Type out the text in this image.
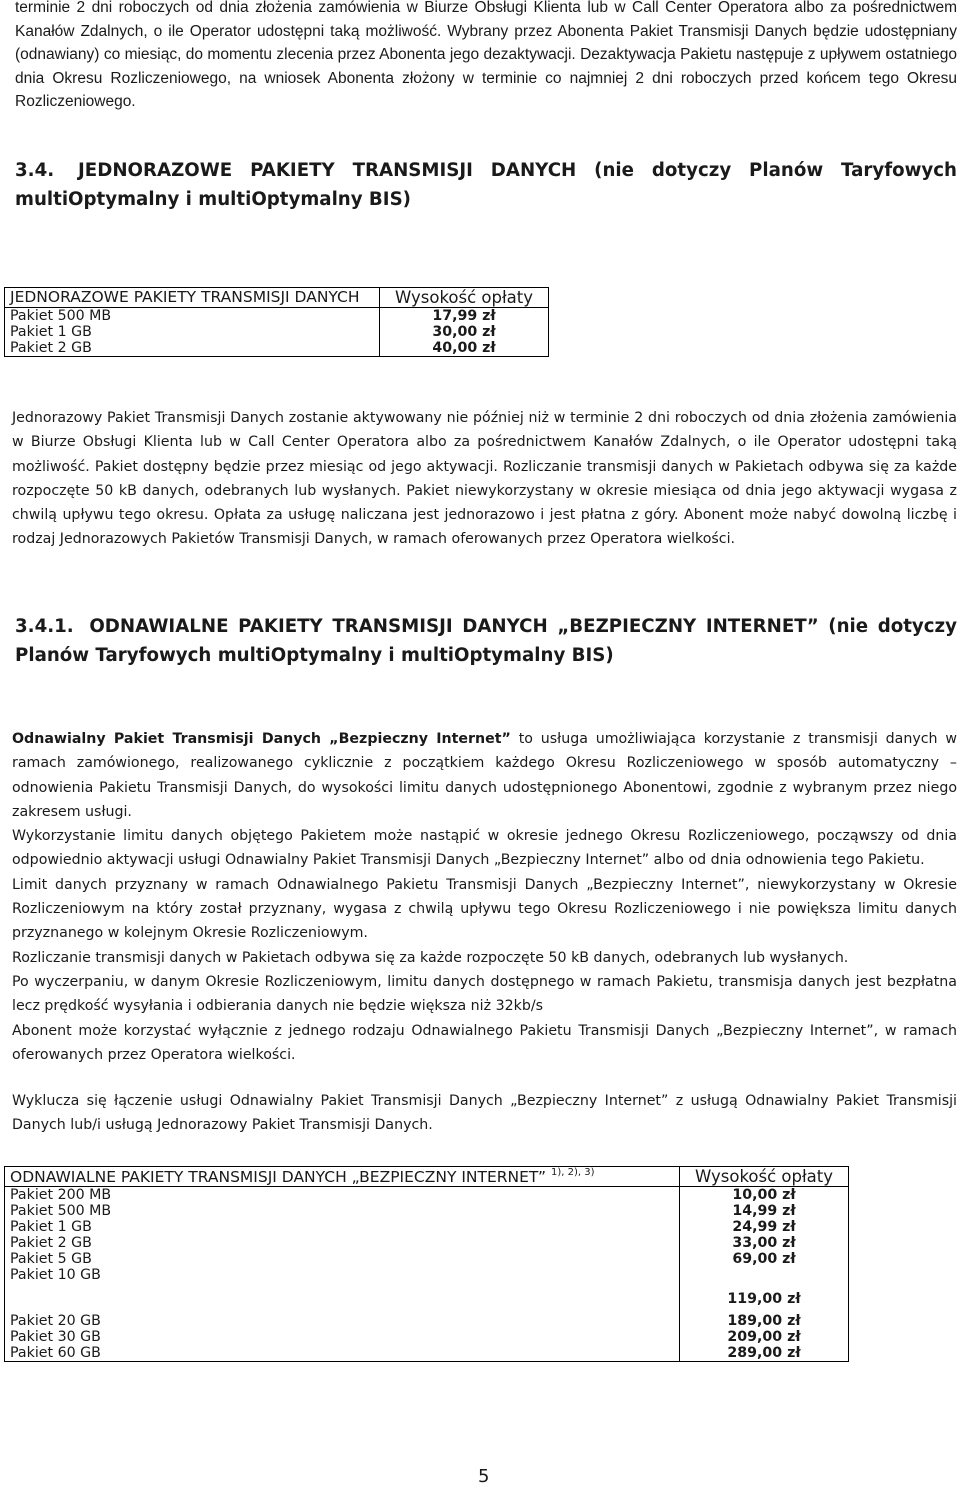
terminie 2 dni roboczych od dnia złożenia zamówienia w Biurze Obsługi Klienta lub w Call Center Operatora albo za pośrednictwem Kanałów Zdalnych, o ile Operator udostępni taką możliwość. Wybrany przez Abonenta Pakiet Transmisji Danych będzie udostępniany (odnawiany) co miesiąc, do momentu zlecenia przez Abonenta jego dezaktywacji. Dezaktywacja Pakietu następuje z upływem ostatniego dnia Okresu Rozliczeniowego, na wniosek Abonenta złożony w terminie co najmniej 2 dni roboczych przed końcem tego Okresu Rozliczeniowego.

3.4. JEDNORAZOWE PAKIETY TRANSMISJI DANYCH (nie dotyczy Planów Taryfowych multiOptymalny i multiOptymalny BIS)
JEDNORAZOWE PAKIETY TRANSMISJI DANYCH	Wysokość opłaty
Pakiet 500 MB	17,99 zł
Pakiet 1 GB	30,00 zł
Pakiet 2 GB	40,00 zł

Jednorazowy Pakiet Transmisji Danych zostanie aktywowany nie później niż w terminie 2 dni roboczych od dnia złożenia zamówienia w Biurze Obsługi Klienta lub w Call Center Operatora albo za pośrednictwem Kanałów Zdalnych, o ile Operator udostępni taką możliwość. Pakiet dostępny będzie przez miesiąc od jego aktywacji. Rozliczanie transmisji danych w Pakietach odbywa się za każde rozpoczęte 50 kB danych, odebranych lub wysłanych. Pakiet niewykorzystany w okresie miesiąca od dnia jego aktywacji wygasa z chwilą upływu tego okresu. Opłata za usługę naliczana jest jednorazowo i jest płatna z góry. Abonent może nabyć dowolną liczbę i rodzaj Jednorazowych Pakietów Transmisji Danych, w ramach oferowanych przez Operatora wielkości.

3.4.1. ODNAWIALNE PAKIETY TRANSMISJI DANYCH „BEZPIECZNY INTERNET” (nie dotyczy Planów Taryfowych multiOptymalny i multiOptymalny BIS)

Odnawialny Pakiet Transmisji Danych „Bezpieczny Internet” to usługa umożliwiająca korzystanie z transmisji danych w ramach zamówionego, realizowanego cyklicznie z początkiem każdego Okresu Rozliczeniowego w sposób automatyczny – odnowienia Pakietu Transmisji Danych, do wysokości limitu danych udostępnionego Abonentowi, zgodnie z wybranym przez niego zakresem usługi.

Wykorzystanie limitu danych objętego Pakietem może nastąpić w okresie jednego Okresu Rozliczeniowego, począwszy od dnia odpowiednio aktywacji usługi Odnawialny Pakiet Transmisji Danych „Bezpieczny Internet” albo od dnia odnowienia tego Pakietu.

Limit danych przyznany w ramach Odnawialnego Pakietu Transmisji Danych „Bezpieczny Internet”, niewykorzystany w Okresie Rozliczeniowym na który został przyznany, wygasa z chwilą upływu tego Okresu Rozliczeniowego i nie powiększa limitu danych przyznanego w kolejnym Okresie Rozliczeniowym.

Rozliczanie transmisji danych w Pakietach odbywa się za każde rozpoczęte 50 kB danych, odebranych lub wysłanych.

Po wyczerpaniu, w danym Okresie Rozliczeniowym, limitu danych dostępnego w ramach Pakietu, transmisja danych jest bezpłatna lecz prędkość wysyłania i odbierania danych nie będzie większa niż 32kb/s

Abonent może korzystać wyłącznie z jednego rodzaju Odnawialnego Pakietu Transmisji Danych „Bezpieczny Internet”, w ramach oferowanych przez Operatora wielkości.

Wyklucza się łączenie usługi Odnawialny Pakiet Transmisji Danych „Bezpieczny Internet” z usługą Odnawialny Pakiet Transmisji Danych lub/i usługą Jednorazowy Pakiet Transmisji Danych.

ODNAWIALNE PAKIETY TRANSMISJI DANYCH „BEZPIECZNY INTERNET” $^{1), 2), 3)}$	Wysokość opłaty
Pakiet 200 MB	10,00 zł
Pakiet 500 MB	14,99 zł
Pakiet 1 GB	24,99 zł
Pakiet 2 GB	33,00 zł
Pakiet 5 GB	69,00 zł
Pakiet 10 GB	119,00 zł
Pakiet 20 GB	189,00 zł
Pakiet 30 GB	209,00 zł
Pakiet 60 GB	289,00 zł
5
